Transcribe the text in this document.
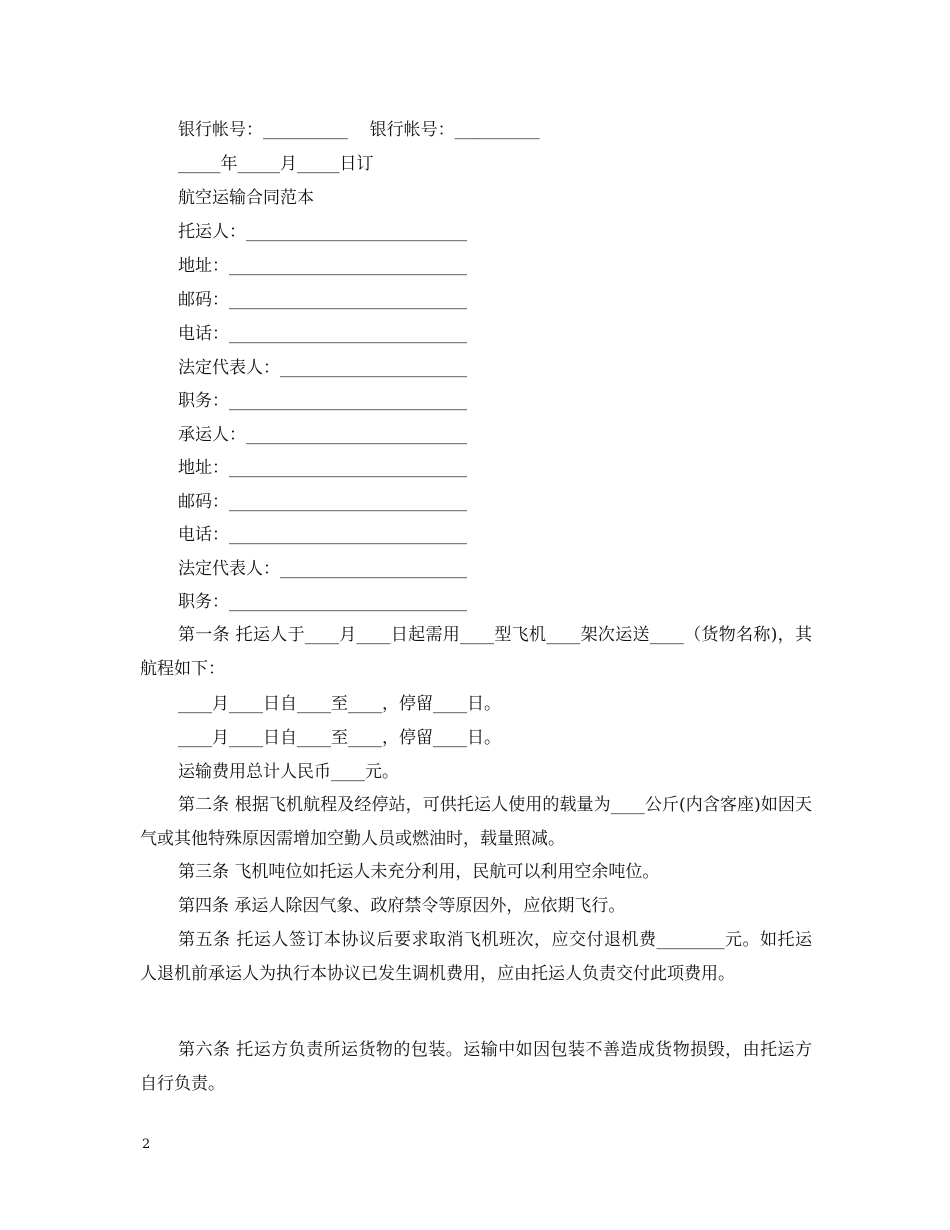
银行帐号：__________    银行帐号：__________

_____年_____月_____日订

航空运输合同范本

托运人：__________________________

地址：____________________________

邮码：____________________________

电话：____________________________

法定代表人：______________________

职务：____________________________

承运人：__________________________

地址：____________________________

邮码：____________________________

电话：____________________________

法定代表人：______________________

职务：____________________________

第一条 托运人于____月____日起需用____型飞机____架次运送____（货物名称)，其航程如下：

____月____日自____至____，停留____日。

____月____日自____至____，停留____日。

运输费用总计人民币____元。

第二条 根据飞机航程及经停站，可供托运人使用的载量为____公斤(内含客座)如因天气或其他特殊原因需增加空勤人员或燃油时，载量照减。

第三条 飞机吨位如托运人未充分利用，民航可以利用空余吨位。

第四条 承运人除因气象、政府禁令等原因外，应依期飞行。

第五条 托运人签订本协议后要求取消飞机班次，应交付退机费________元。如托运人退机前承运人为执行本协议已发生调机费用，应由托运人负责交付此项费用。

第六条 托运方负责所运货物的包装。运输中如因包装不善造成货物损毁，由托运方自行负责。

2
